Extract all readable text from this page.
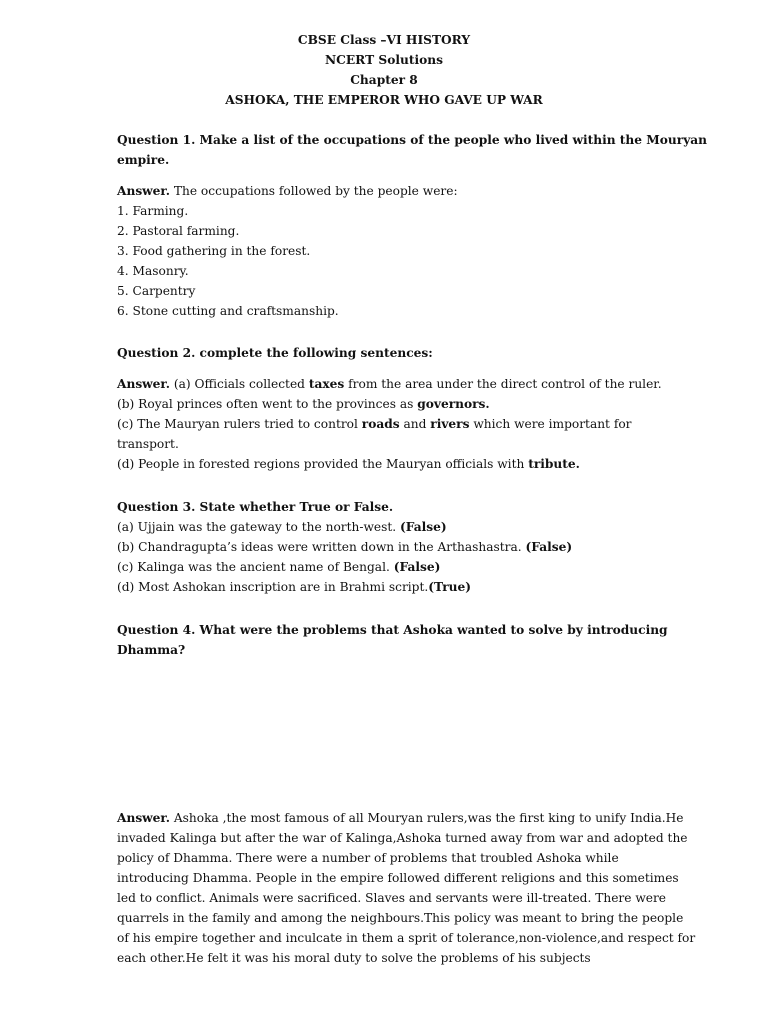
CBSE Class –VI HISTORY
NCERT Solutions
Chapter 8
ASHOKA, THE EMPEROR WHO GAVE UP WAR
Question 1. Make a list of the occupations of the people who lived within the Mouryan
empire.
Answer. The occupations followed by the people were:
1. Farming.
2. Pastoral farming.
3. Food gathering in the forest.
4. Masonry.
5. Carpentry
6. Stone cutting and craftsmanship.
Question 2. complete the following sentences:
Answer. (a) Officials collected taxes from the area under the direct control of the ruler.
(b) Royal princes often went to the provinces as governors.
(c) The Mauryan rulers tried to control roads and rivers which were important for
transport.
(d) People in forested regions provided the Mauryan officials with tribute.
Question 3. State whether True or False.
(a) Ujjain was the gateway to the north-west. (False)
(b) Chandragupta’s ideas were written down in the Arthashastra. (False)
(c) Kalinga was the ancient name of Bengal. (False)
(d) Most Ashokan inscription are in Brahmi script.(True)
Question 4. What were the problems that Ashoka wanted to solve by introducing
Dhamma?
Answer. Ashoka ,the most famous of all Mouryan rulers,was the first king to unify India.He
invaded Kalinga but after the war of Kalinga,Ashoka turned away from war and adopted the
policy of Dhamma. There were a number of problems that troubled Ashoka while
introducing Dhamma. People in the empire followed different religions and this sometimes
led to conflict. Animals were sacrificed. Slaves and servants were ill-treated. There were
quarrels in the family and among the neighbours.This policy was meant to bring the people
of his empire together and inculcate in them a sprit of tolerance,non-violence,and respect for
each other.He felt it was his moral duty to solve the problems of his subjects
